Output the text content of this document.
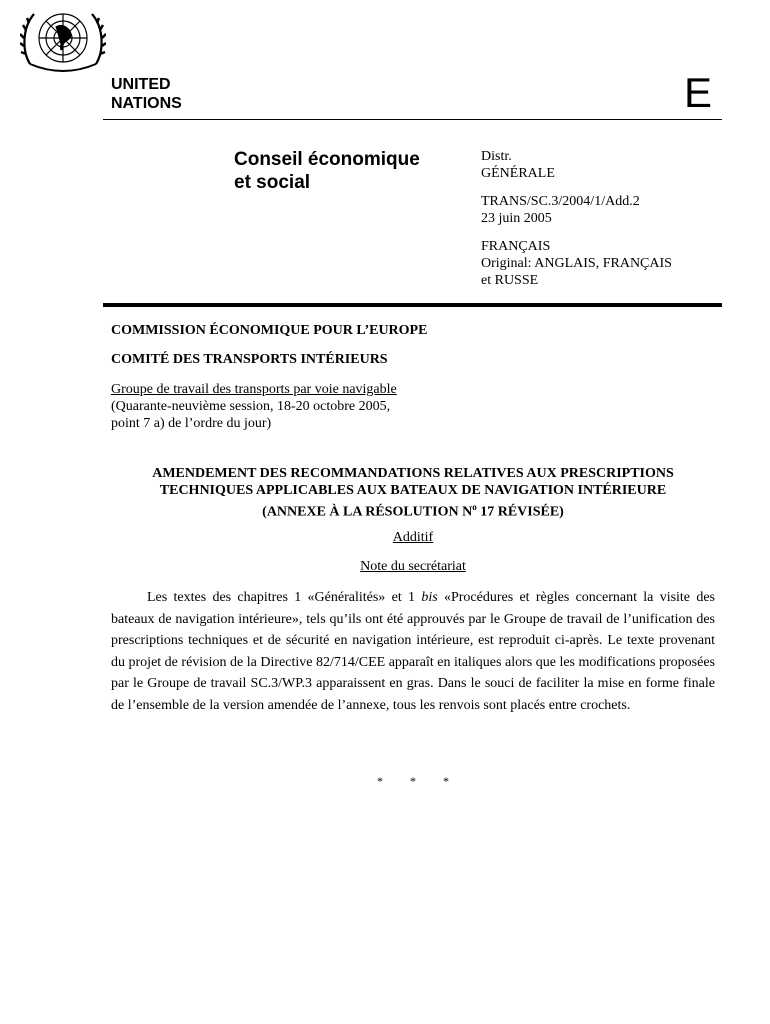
UNITED
NATIONS	E
Conseil économique
et social
Distr.
GÉNÉRALE
TRANS/SC.3/2004/1/Add.2
23 juin 2005
FRANÇAIS
Original: ANGLAIS, FRANÇAIS
et RUSSE
COMMISSION ÉCONOMIQUE POUR L’EUROPE
COMITÉ DES TRANSPORTS INTÉRIEURS
Groupe de travail des transports par voie navigable
(Quarante-neuvième session, 18-20 octobre 2005,
point 7 a) de l’ordre du jour)
AMENDEMENT DES RECOMMANDATIONS RELATIVES AUX PRESCRIPTIONS
TECHNIQUES APPLICABLES AUX BATEAUX DE NAVIGATION INTÉRIEURE
(ANNEXE À LA RÉSOLUTION $N^o$ 17 RÉVISÉE)
Additif
Note du secrétariat

Les textes des chapitres 1 «Généralités» et 1 bis «Procédures et règles concernant la visite des bateaux de navigation intérieure», tels qu’ils ont été approuvés par le Groupe de travail de l’unification des prescriptions techniques et de sécurité en navigation intérieure, est reproduit ci-après. Le texte provenant du projet de révision de la Directive 82/714/CEE apparaît en italiques alors que les modifications proposées par le Groupe de travail SC.3/WP.3 apparaissent en gras. Dans le souci de faciliter la mise en forme finale de l’ensemble de la version amendée de l’annexe, tous les renvois sont placés entre crochets.

* * *
